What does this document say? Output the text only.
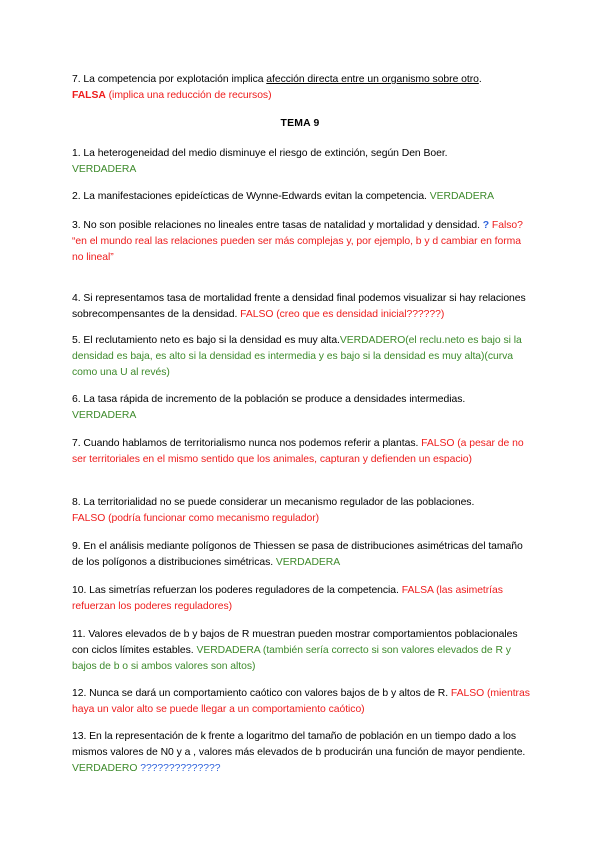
7. La competencia por explotación implica afección directa entre un organismo sobre otro.
FALSA (implica una reducción de recursos)

TEMA 9

1. La heterogeneidad del medio disminuye el riesgo de extinción, según Den Boer.
VERDADERA

2. La manifestaciones epideícticas de Wynne-Edwards evitan la competencia. VERDADERA

3. No son posible relaciones no lineales entre tasas de natalidad y mortalidad y densidad. ? Falso? “en el mundo real las relaciones pueden ser más complejas y, por ejemplo, b y d cambiar en forma no lineal”

4. Si representamos tasa de mortalidad frente a densidad final podemos visualizar si hay relaciones sobrecompensantes de la densidad. FALSO (creo que es densidad inicial??????)

5. El reclutamiento neto es bajo si la densidad es muy alta.VERDADERO(el reclu.neto es bajo si la densidad es baja, es alto si la densidad es intermedia y es bajo si la densidad es muy alta)(curva como una U al revés)

6. La tasa rápida de incremento de la población se produce a densidades intermedias.
VERDADERA

7. Cuando hablamos de territorialismo nunca nos podemos referir a plantas. FALSO (a pesar de no ser territoriales en el mismo sentido que los animales, capturan y defienden un espacio)

8. La territorialidad no se puede considerar un mecanismo regulador de las poblaciones.
FALSO (podría funcionar como mecanismo regulador)

9. En el análisis mediante polígonos de Thiessen se pasa de distribuciones asimétricas del tamaño de los polígonos a distribuciones simétricas. VERDADERA

10. Las simetrías refuerzan los poderes reguladores de la competencia. FALSA (las asimetrías refuerzan los poderes reguladores)

11. Valores elevados de b y bajos de R muestran pueden mostrar comportamientos poblacionales con ciclos límites estables. VERDADERA (también sería correcto si son valores elevados de R y bajos de b o si ambos valores son altos)

12. Nunca se dará un comportamiento caótico con valores bajos de b y altos de R. FALSO (mientras haya un valor alto se puede llegar a un comportamiento caótico)

13. En la representación de k frente a logaritmo del tamaño de población en un tiempo dado a los mismos valores de N0 y a , valores más elevados de b producirán una función de mayor pendiente. VERDADERO ??????????????
